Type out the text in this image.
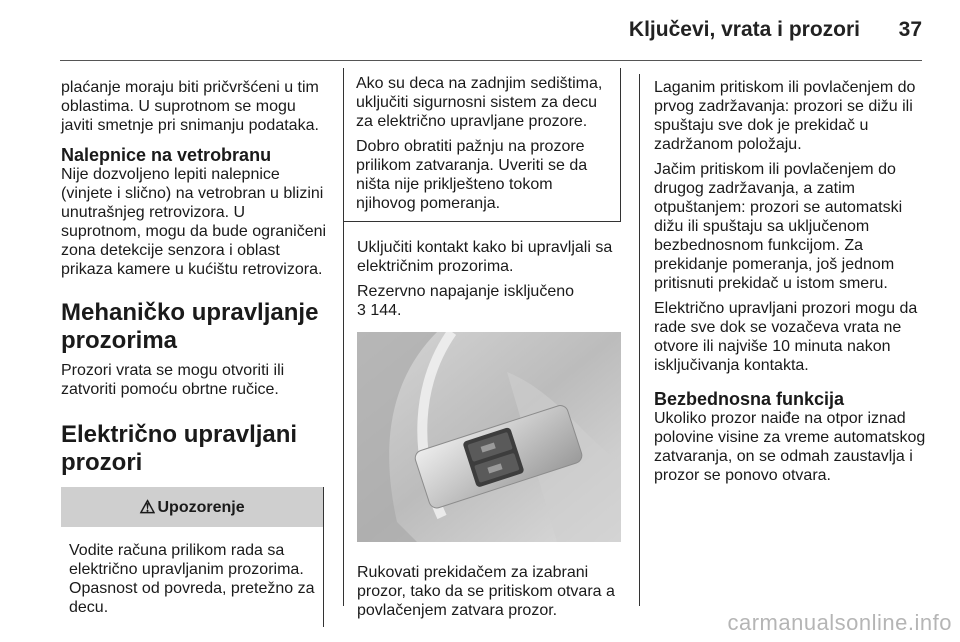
Ključevi, vrata i prozori 37

plaćanje moraju biti pričvršćeni u tim oblastima. U suprotnom se mogu javiti smetnje pri snimanju podataka.

Nalepnice na vetrobranu

Nije dozvoljeno lepiti nalepnice (vinjete i slično) na vetrobran u blizini unutrašnjeg retrovizora. U suprotnom, mogu da bude ograničeni zona detekcije senzora i oblast prikaza kamere u kućištu retrovizora.

Mehaničko upravljanje prozorima

Prozori vrata se mogu otvoriti ili zatvoriti pomoću obrtne ručice.

Električno upravljani prozori
⚠ Upozorenje
Vodite računa prilikom rada sa električno upravljanim prozorima. Opasnost od povreda, pretežno za decu.

Ako su deca na zadnjim sedištima, uključiti sigurnosni sistem za decu za električno upravljane prozore.

Dobro obratiti pažnju na prozore prilikom zatvaranja. Uveriti se da ništa nije priklješteno tokom njihovog pomeranja.

Uključiti kontakt kako bi upravljali sa električnim prozorima.

Rezervno napajanje isključeno
3 144.

Rukovati prekidačem za izabrani prozor, tako da se pritiskom otvara a povlačenjem zatvara prozor.

Laganim pritiskom ili povlačenjem do prvog zadržavanja: prozori se dižu ili spuštaju sve dok je prekidač u zadržanom položaju.

Jačim pritiskom ili povlačenjem do drugog zadržavanja, a zatim otpuštanjem: prozori se automatski dižu ili spuštaju sa uključenom bezbednosnom funkcijom. Za prekidanje pomeranja, još jednom pritisnuti prekidač u istom smeru.

Električno upravljani prozori mogu da rade sve dok se vozačeva vrata ne otvore ili najviše 10 minuta nakon isključivanja kontakta.

Bezbednosna funkcija

Ukoliko prozor naiđe na otpor iznad polovine visine za vreme automatskog zatvaranja, on se odmah zaustavlja i prozor se ponovo otvara.

carmanualsonline.info
